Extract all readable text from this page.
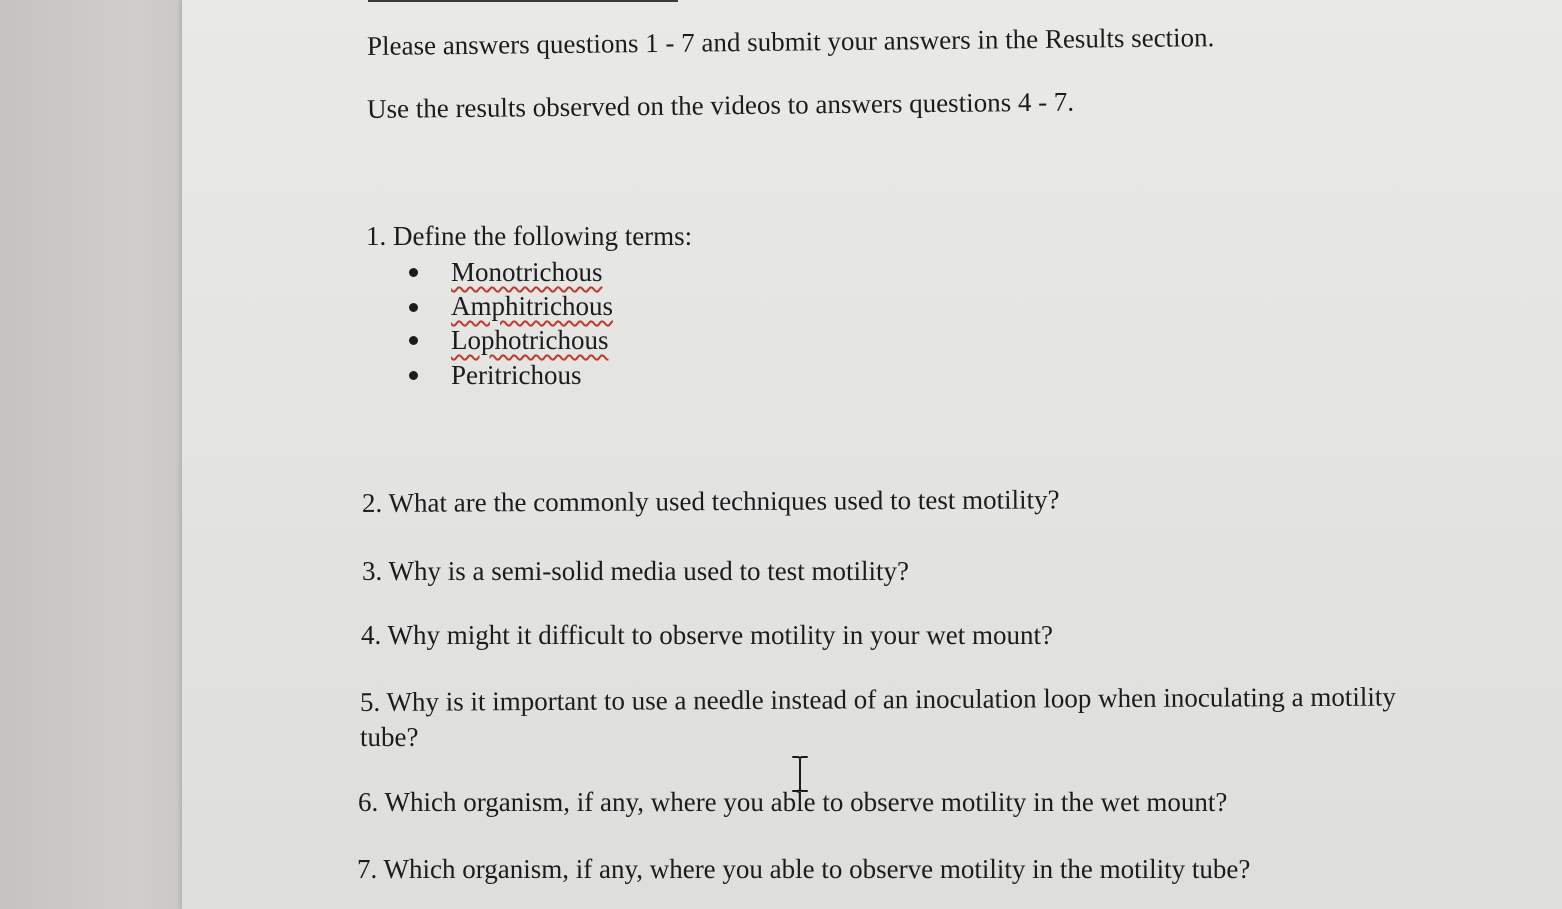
Please answers questions 1 - 7 and submit your answers in the Results section.
Use the results observed on the videos to answers questions 4 - 7.
1. Define the following terms:
Monotrichous
Amphitrichous
Lophotrichous
Peritrichous
2. What are the commonly used techniques used to test motility?
3. Why is a semi-solid media used to test motility?
4. Why might it difficult to observe motility in your wet mount?
5. Why is it important to use a needle instead of an inoculation loop when inoculating a motility
tube?
6. Which organism, if any, where you able to observe motility in the wet mount?
7. Which organism, if any, where you able to observe motility in the motility tube?
